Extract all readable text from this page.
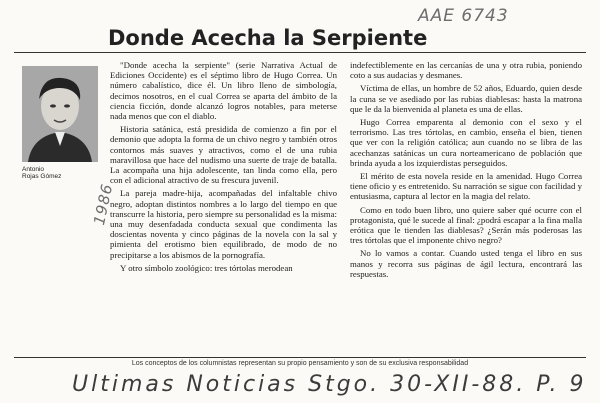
AAE 6743
1986
Donde Acecha la Serpiente
Antonio
Rojas Gómez

"Donde acecha la serpiente" (serie Narrativa Actual de Ediciones Occidente) es el séptimo libro de Hugo Correa. Un número cabalístico, dice él. Un libro lleno de simbología, decimos nosotros, en el cual Correa se aparta del ámbito de la ciencia ficción, donde alcanzó logros notables, para meterse nada menos que con el diablo.

Historia satánica, está presidida de comienzo a fin por el demonio que adopta la forma de un chivo negro y también otros contornos más suaves y atractivos, como el de una rubia maravillosa que hace del nudismo una suerte de traje de batalla. La acompaña una hija adolescente, tan linda como ella, pero con el adicional atractivo de su frescura juvenil.

La pareja madre-hija, acompañadas del infaltable chivo negro, adoptan distintos nombres a lo largo del tiempo en que transcurre la historia, pero siempre su personalidad es la misma: una muy desenfadada conducta sexual que condimenta las doscientas noventa y cinco páginas de la novela con la sal y pimienta del erotismo bien equilibrado, de modo de no precipitarse a los abismos de la pornografía.

Y otro símbolo zoológico: tres tórtolas merodean

indefectiblemente en las cercanías de una y otra rubia, poniendo coto a sus audacias y desmanes.

Víctima de ellas, un hombre de 52 años, Eduardo, quien desde la cuna se ve asediado por las rubias diablesas: hasta la matrona que le da la bienvenida al planeta es una de ellas.

Hugo Correa emparenta al demonio con el sexo y el terrorismo. Las tres tórtolas, en cambio, enseña el bien, tienen que ver con la religión católica; aun cuando no se libra de las acechanzas satánicas un cura norteamericano de población que brinda ayuda a los izquierdistas perseguidos.

El mérito de esta novela reside en la amenidad. Hugo Correa tiene oficio y es entretenido. Su narración se sigue con facilidad y entusiasma, captura al lector en la magia del relato.

Como en todo buen libro, uno quiere saber qué ocurre con el protagonista, qué le sucede al final: ¿podrá escapar a la fina malla erótica que le tienden las diablesas? ¿Serán más poderosas las tres tórtolas que el imponente chivo negro?

No lo vamos a contar. Cuando usted tenga el libro en sus manos y recorra sus páginas de ágil lectura, encontrará las respuestas.

Los conceptos de los columnistas representan su propio pensamiento y son de su exclusiva responsabilidad
Ultimas Noticias Stgo. 30-XII-88. P. 9
